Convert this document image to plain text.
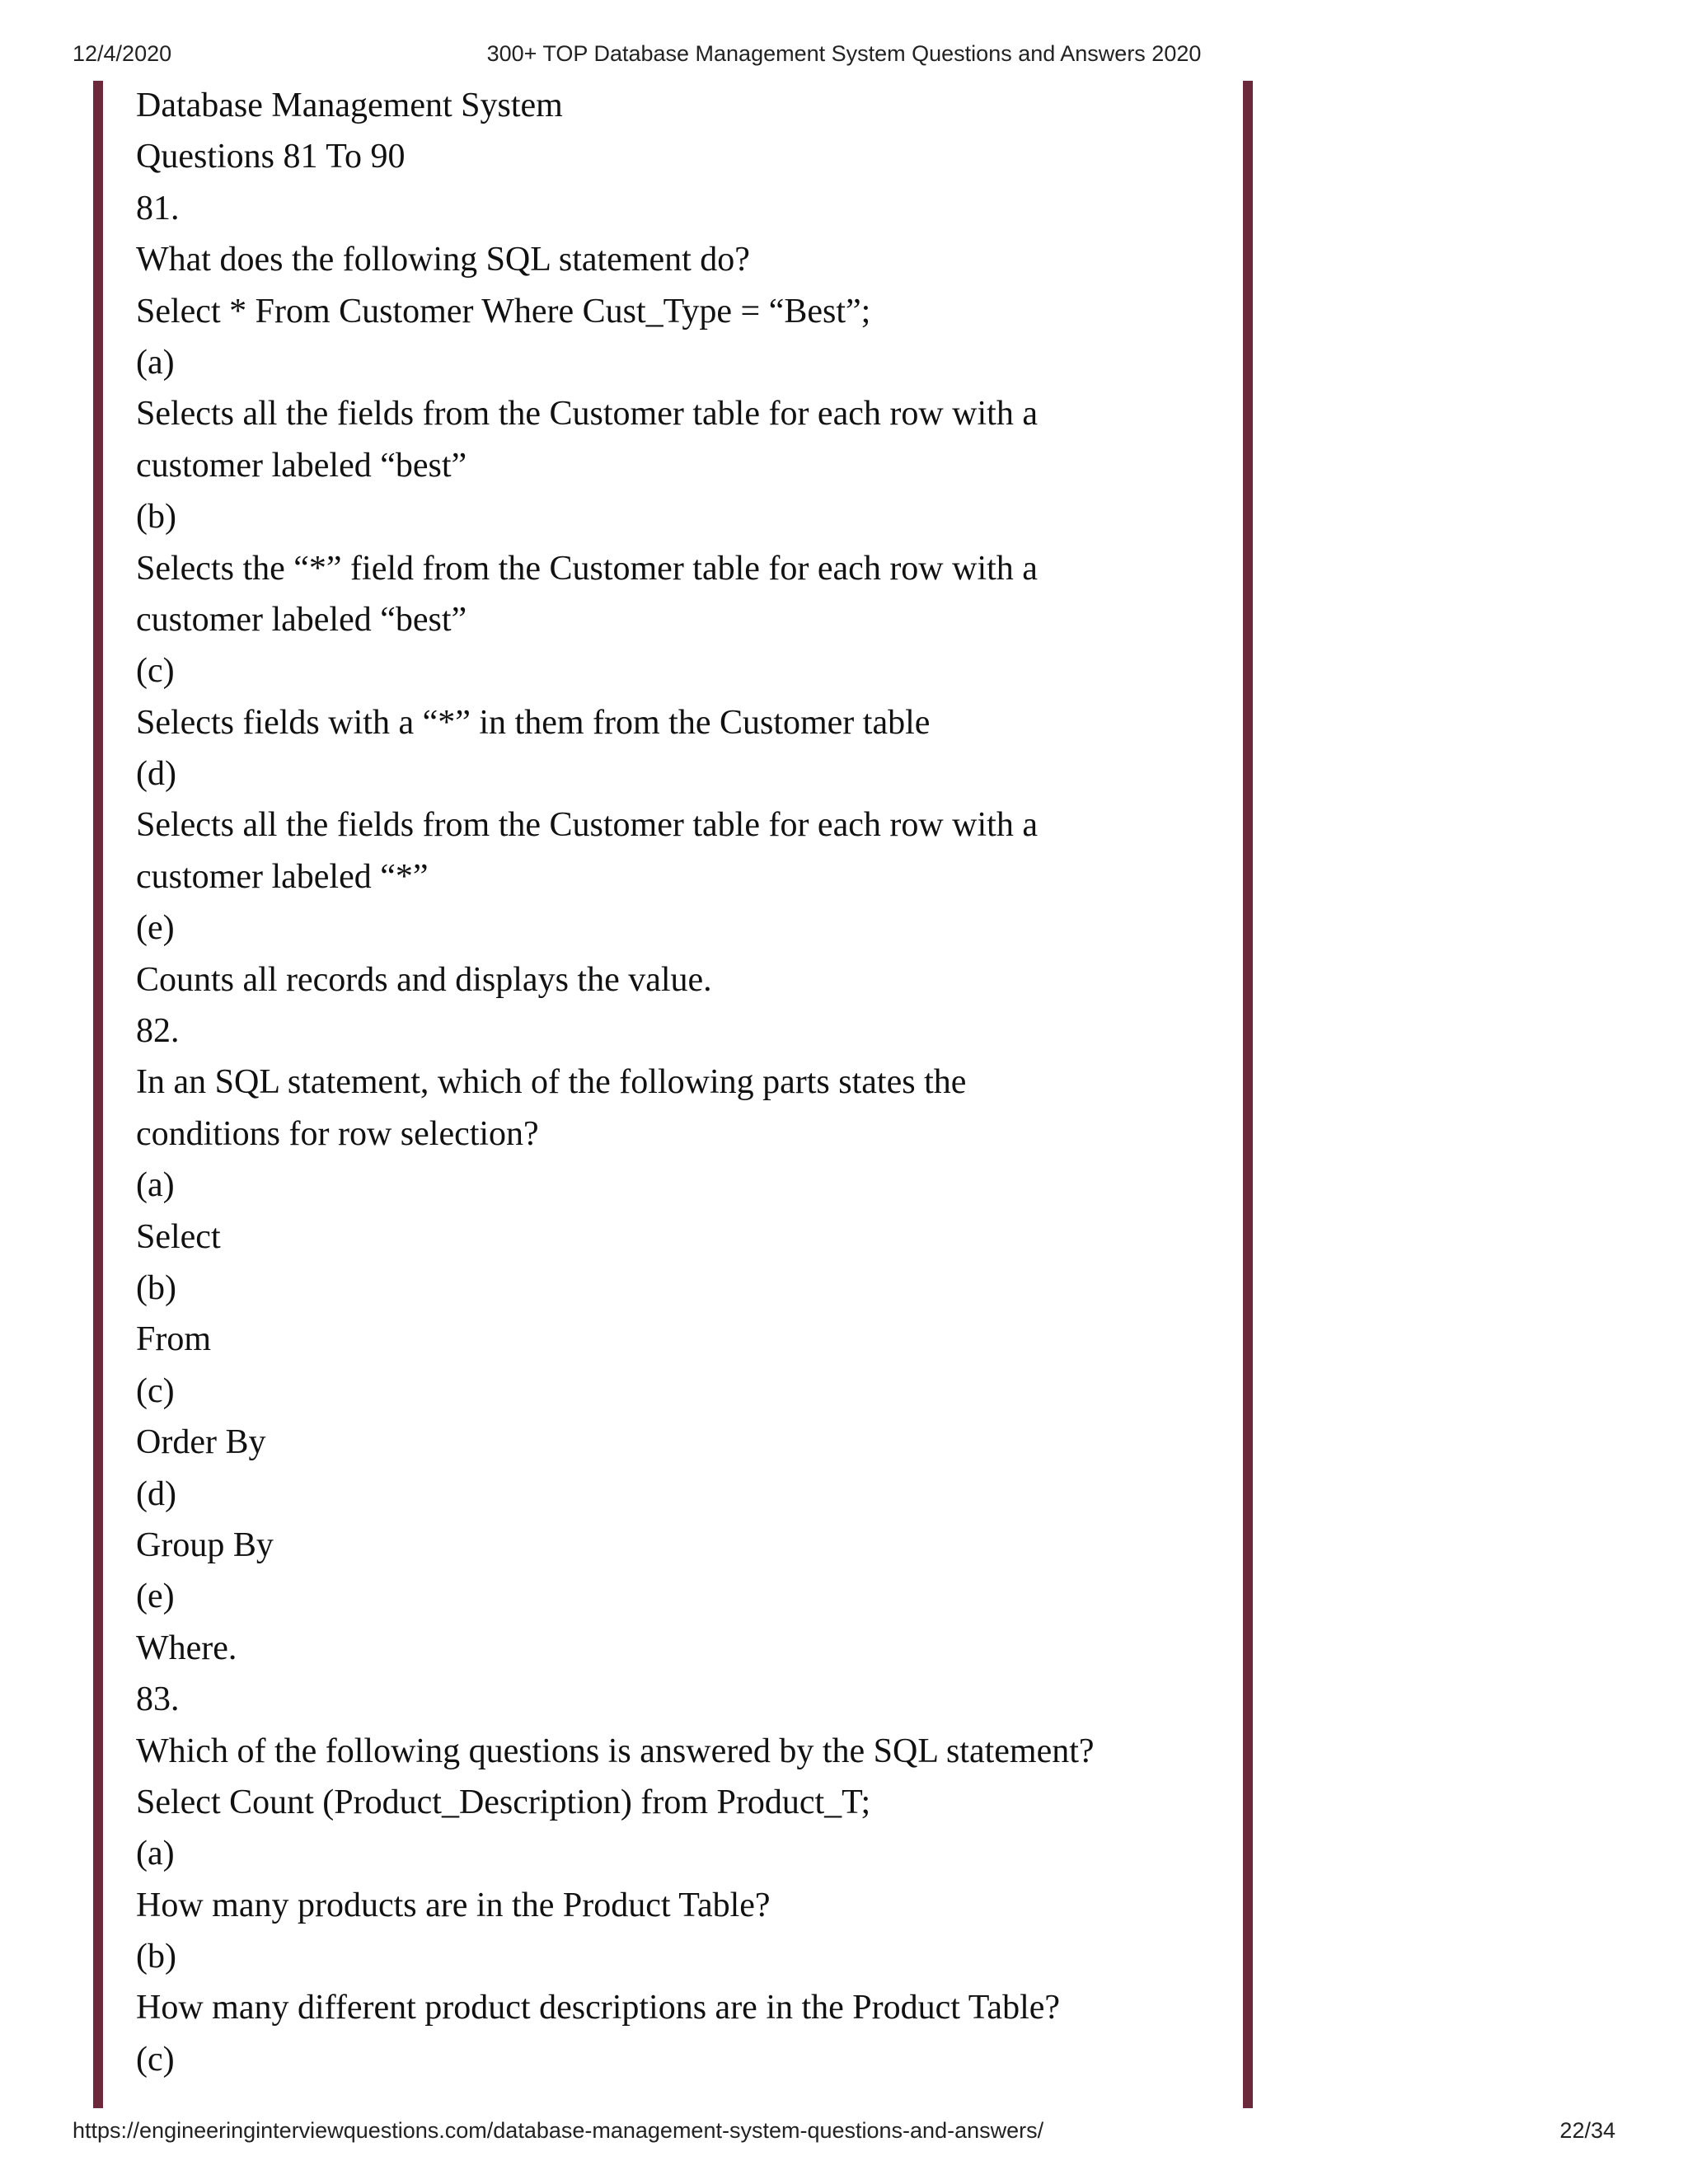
12/4/2020	300+ TOP Database Management System Questions and Answers 2020
Database Management System
Questions 81 To 90
81.
What does the following SQL statement do?
Select * From Customer Where Cust_Type = “Best”;
(a)
Selects all the fields from the Customer table for each row with a
customer labeled “best”
(b)
Selects the “*” field from the Customer table for each row with a
customer labeled “best”
(c)
Selects fields with a “*” in them from the Customer table
(d)
Selects all the fields from the Customer table for each row with a
customer labeled “*”
(e)
Counts all records and displays the value.
82.
In an SQL statement, which of the following parts states the
conditions for row selection?
(a)
Select
(b)
From
(c)
Order By
(d)
Group By
(e)
Where.
83.
Which of the following questions is answered by the SQL statement?
Select Count (Product_Description) from Product_T;
(a)
How many products are in the Product Table?
(b)
How many different product descriptions are in the Product Table?
(c)
https://engineeringinterviewquestions.com/database-management-system-questions-and-answers/	22/34
